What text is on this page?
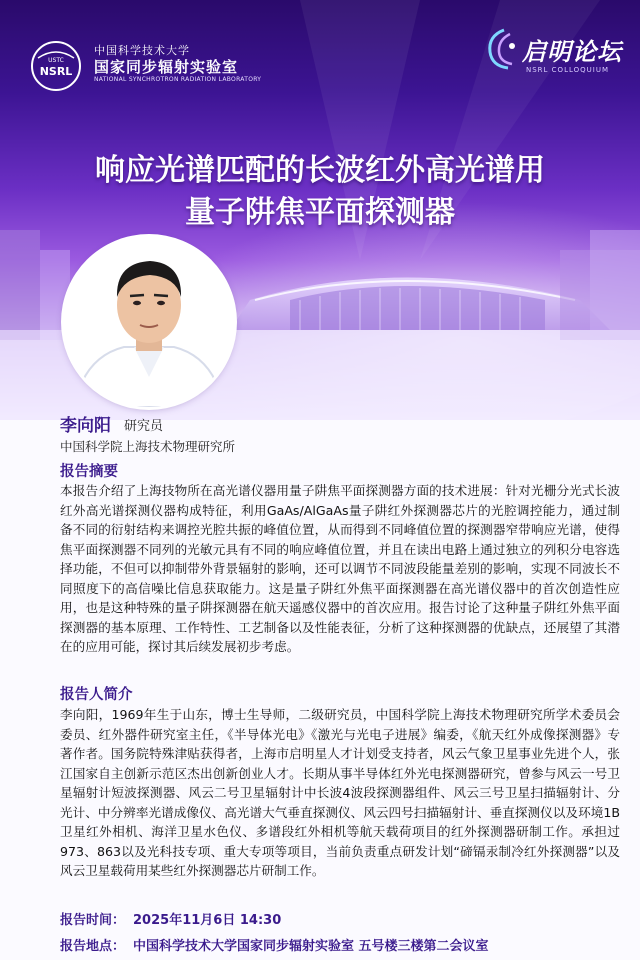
USTC
NSRL
中国科学技术大学
国家同步辐射实验室
NATIONAL SYNCHROTRON RADIATION LABORATORY
启明论坛
NSRL COLLOQUIUM
响应光谱匹配的长波红外高光谱用
量子阱焦平面探测器
李向阳 研究员
中国科学院上海技术物理研究所
报告摘要
本报告介绍了上海技物所在高光谱仪器用量子阱焦平面探测器方面的技术进展：针对光栅分光式长波红外高光谱探测仪器构成特征，利用GaAs/AlGaAs量子阱红外探测器芯片的光腔调控能力，通过制备不同的衍射结构来调控光腔共振的峰值位置，从而得到不同峰值位置的探测器窄带响应光谱，使得焦平面探测器不同列的光敏元具有不同的响应峰值位置，并且在读出电路上通过独立的列积分电容选择功能，不但可以抑制带外背景辐射的影响，还可以调节不同波段能量差别的影响，实现不同波长不同照度下的高信噪比信息获取能力。这是量子阱红外焦平面探测器在高光谱仪器中的首次创造性应用，也是这种特殊的量子阱探测器在航天遥感仪器中的首次应用。报告讨论了这种量子阱红外焦平面探测器的基本原理、工作特性、工艺制备以及性能表征，分析了这种探测器的优缺点，还展望了其潜在的应用可能，探讨其后续发展初步考虑。
报告人简介
李向阳，1969年生于山东，博士生导师，二级研究员，中国科学院上海技术物理研究所学术委员会委员、红外器件研究室主任，《半导体光电》《激光与光电子进展》编委，《航天红外成像探测器》专著作者。国务院特殊津贴获得者，上海市启明星人才计划受支持者，风云气象卫星事业先进个人，张江国家自主创新示范区杰出创新创业人才。长期从事半导体红外光电探测器研究，曾参与风云一号卫星辐射计短波探测器、风云二号卫星辐射计中长波4波段探测器组件、风云三号卫星扫描辐射计、分光计、中分辨率光谱成像仪、高光谱大气垂直探测仪、风云四号扫描辐射计、垂直探测仪以及环境1B卫星红外相机、海洋卫星水色仪、多谱段红外相机等航天载荷项目的红外探测器研制工作。承担过973、863以及光科技专项、重大专项等项目，当前负责重点研发计划“碲镉汞制冷红外探测器”以及风云卫星载荷用某些红外探测器芯片研制工作。
报告时间： 2025年11月6日 14:30
报告地点： 中国科学技术大学国家同步辐射实验室 五号楼三楼第二会议室
